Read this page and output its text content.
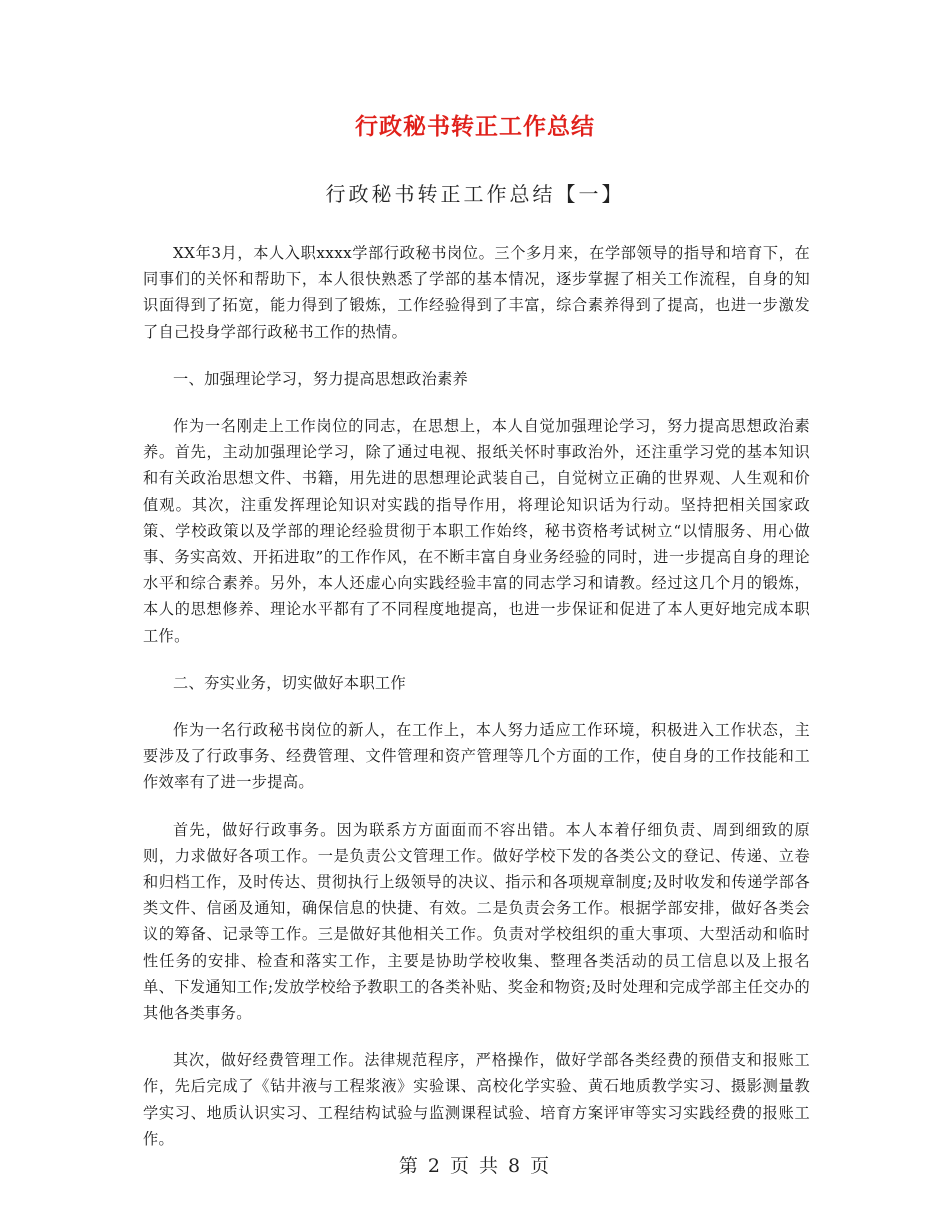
行政秘书转正工作总结
行政秘书转正工作总结【一】

XX年3月，本人入职xxxx学部行政秘书岗位。三个多月来，在学部领导的指导和培育下，在同事们的关怀和帮助下，本人很快熟悉了学部的基本情况，逐步掌握了相关工作流程，自身的知识面得到了拓宽，能力得到了锻炼，工作经验得到了丰富，综合素养得到了提高，也进一步激发了自己投身学部行政秘书工作的热情。

一、加强理论学习，努力提高思想政治素养

作为一名刚走上工作岗位的同志，在思想上，本人自觉加强理论学习，努力提高思想政治素养。首先，主动加强理论学习，除了通过电视、报纸关怀时事政治外，还注重学习党的基本知识和有关政治思想文件、书籍，用先进的思想理论武装自己，自觉树立正确的世界观、人生观和价值观。其次，注重发挥理论知识对实践的指导作用，将理论知识话为行动。坚持把相关国家政策、学校政策以及学部的理论经验贯彻于本职工作始终，秘书资格考试树立“以情服务、用心做事、务实高效、开拓进取”的工作作风，在不断丰富自身业务经验的同时，进一步提高自身的理论水平和综合素养。另外，本人还虚心向实践经验丰富的同志学习和请教。经过这几个月的锻炼，本人的思想修养、理论水平都有了不同程度地提高，也进一步保证和促进了本人更好地完成本职工作。

二、夯实业务，切实做好本职工作

作为一名行政秘书岗位的新人，在工作上，本人努力适应工作环境，积极进入工作状态，主要涉及了行政事务、经费管理、文件管理和资产管理等几个方面的工作，使自身的工作技能和工作效率有了进一步提高。

首先，做好行政事务。因为联系方方面面而不容出错。本人本着仔细负责、周到细致的原则，力求做好各项工作。一是负责公文管理工作。做好学校下发的各类公文的登记、传递、立卷和归档工作，及时传达、贯彻执行上级领导的决议、指示和各项规章制度;及时收发和传递学部各类文件、信函及通知，确保信息的快捷、有效。二是负责会务工作。根据学部安排，做好各类会议的筹备、记录等工作。三是做好其他相关工作。负责对学校组织的重大事项、大型活动和临时性任务的安排、检查和落实工作，主要是协助学校收集、整理各类活动的员工信息以及上报名单、下发通知工作;发放学校给予教职工的各类补贴、奖金和物资;及时处理和完成学部主任交办的其他各类事务。

其次，做好经费管理工作。法律规范程序，严格操作，做好学部各类经费的预借支和报账工作，先后完成了《钻井液与工程浆液》实验课、高校化学实验、黄石地质教学实习、摄影测量教学实习、地质认识实习、工程结构试验与监测课程试验、培育方案评审等实习实践经费的报账工作。

第 2 页 共 8 页
